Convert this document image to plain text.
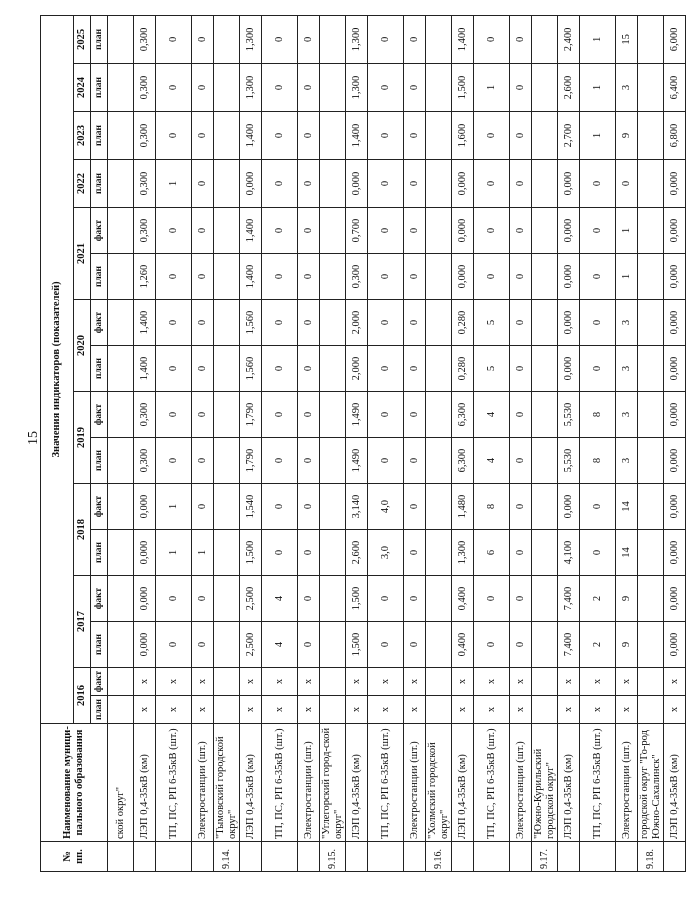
15
№ пп.	Наименование муници-пального образования	Значения индикаторов (показателей)															
		2016		2017		2018		2019		2020		2021		2022	2023	2024	2025
		план	факт	план	факт	план	факт	план	факт	план	факт	план	факт	план	план	план	план
	ской округ"																
	ЛЭП 0,4-35кВ (км)	х	х	0,000	0,000	0,000	0,000	0,300	0,300	1,400	1,400	1,260	0,300	0,300	0,300	0,300	0,300
	ТП, ПС, РП 6-35кВ (шт.)	х	х	0	0	1	1	0	0	0	0	0	0	1	0	0	0
	Электростанции (шт.)	х	х	0	0	1	0	0	0	0	0	0	0	0	0	0	0
9.14.	"Тымовский городской округ"																
	ЛЭП 0,4-35кВ (км)	х	х	2,500	2,500	1,500	1,540	1,790	1,790	1,560	1,560	1,400	1,400	0,000	1,400	1,300	1,300
	ТП, ПС, РП 6-35кВ (шт.)	х	х	4	4	0	0	0	0	0	0	0	0	0	0	0	0
	Электростанции (шт.)	х	х	0	0	0	0	0	0	0	0	0	0	0	0	0	0
9.15.	"Углегорский город-ской округ"																
	ЛЭП 0,4-35кВ (км)	х	х	1,500	1,500	2,600	3,140	1,490	1,490	2,000	2,000	0,300	0,700	0,000	1,400	1,300	1,300
	ТП, ПС, РП 6-35кВ (шт.)	х	х	0	0	3,0	4,0	0	0	0	0	0	0	0	0	0	0
	Электростанции (шт.)	х	х	0	0	0	0	0	0	0	0	0	0	0	0	0	0
9.16.	"Холмский городской округ"																
	ЛЭП 0,4-35кВ (км)	х	х	0,400	0,400	1,300	1,480	6,300	6,300	0,280	0,280	0,000	0,000	0,000	1,600	1,500	1,400
	ТП, ПС, РП 6-35кВ (шт.)	х	х	0	0	6	8	4	4	5	5	0	0	0	0	1	0
	Электростанции (шт.)	х	х	0	0	0	0	0	0	0	0	0	0	0	0	0	0
9.17.	"Южно-Курильский городской округ"																
	ЛЭП 0,4-35кВ (км)	х	х	7,400	7,400	4,100	0,000	5,530	5,530	0,000	0,000	0,000	0,000	0,000	2,700	2,600	2,400
	ТП, ПС, РП 6-35кВ (шт.)	х	х	2	2	0	0	8	8	0	0	0	0	0	1	1	1
	Электростанции (шт.)	х	х	9	9	14	14	3	3	3	3	1	1	0	9	3	15
9.18.	городской округ "Го-род Южно-Сахалинск"																
	ЛЭП 0,4-35кВ (км)	х	х	0,000	0,000	0,000	0,000	0,000	0,000	0,000	0,000	0,000	0,000	0,000	6,800	6,400	6,000
